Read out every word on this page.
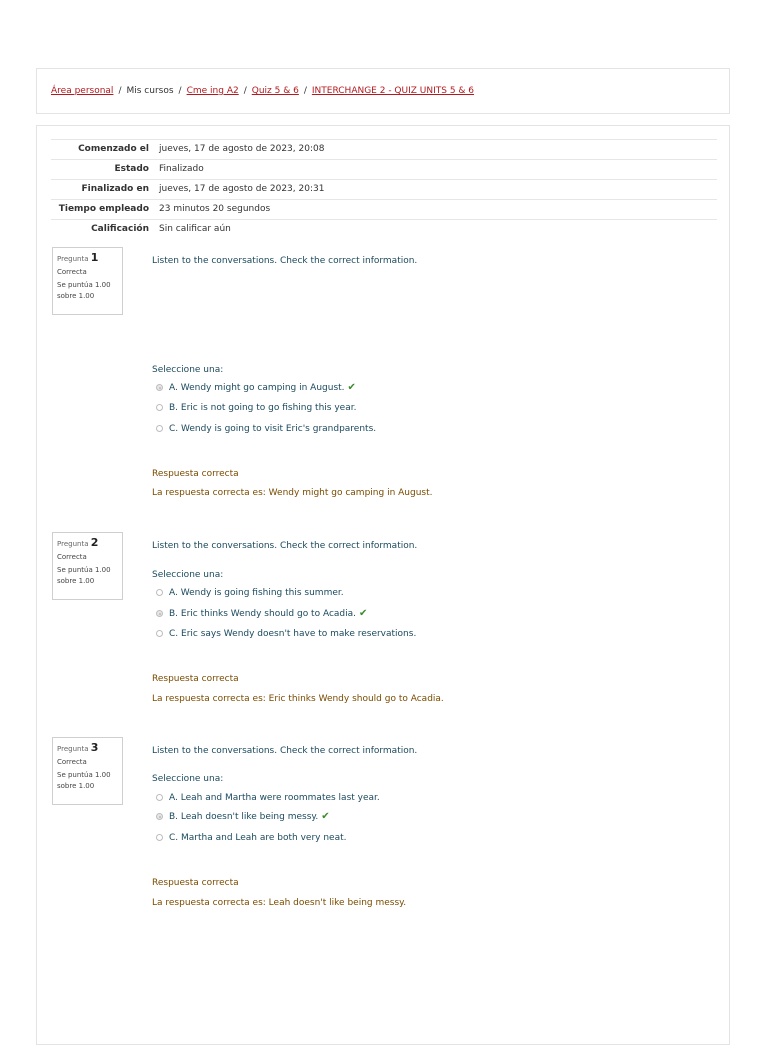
Área personal / Mis cursos / Cme ing A2 / Quiz 5 & 6 / INTERCHANGE 2 - QUIZ UNITS 5 & 6
Comenzado el	jueves, 17 de agosto de 2023, 20:08
Estado	Finalizado
Finalizado en	jueves, 17 de agosto de 2023, 20:31
Tiempo empleado	23 minutos 20 segundos
Calificación	Sin calificar aún
Pregunta 1
Correcta
Se puntúa 1.00 sobre 1.00
Listen to the conversations. Check the correct information.
Seleccione una:
A. Wendy might go camping in August. ✔
B. Eric is not going to go fishing this year.
C. Wendy is going to visit Eric's grandparents.
Respuesta correcta
La respuesta correcta es: Wendy might go camping in August.
Pregunta 2
Correcta
Se puntúa 1.00 sobre 1.00
Listen to the conversations. Check the correct information.
Seleccione una:
A. Wendy is going fishing this summer.
B. Eric thinks Wendy should go to Acadia. ✔
C. Eric says Wendy doesn't have to make reservations.
Respuesta correcta
La respuesta correcta es: Eric thinks Wendy should go to Acadia.
Pregunta 3
Correcta
Se puntúa 1.00 sobre 1.00
Listen to the conversations. Check the correct information.
Seleccione una:
A. Leah and Martha were roommates last year.
B. Leah doesn't like being messy. ✔
C. Martha and Leah are both very neat.
Respuesta correcta
La respuesta correcta es: Leah doesn't like being messy.
